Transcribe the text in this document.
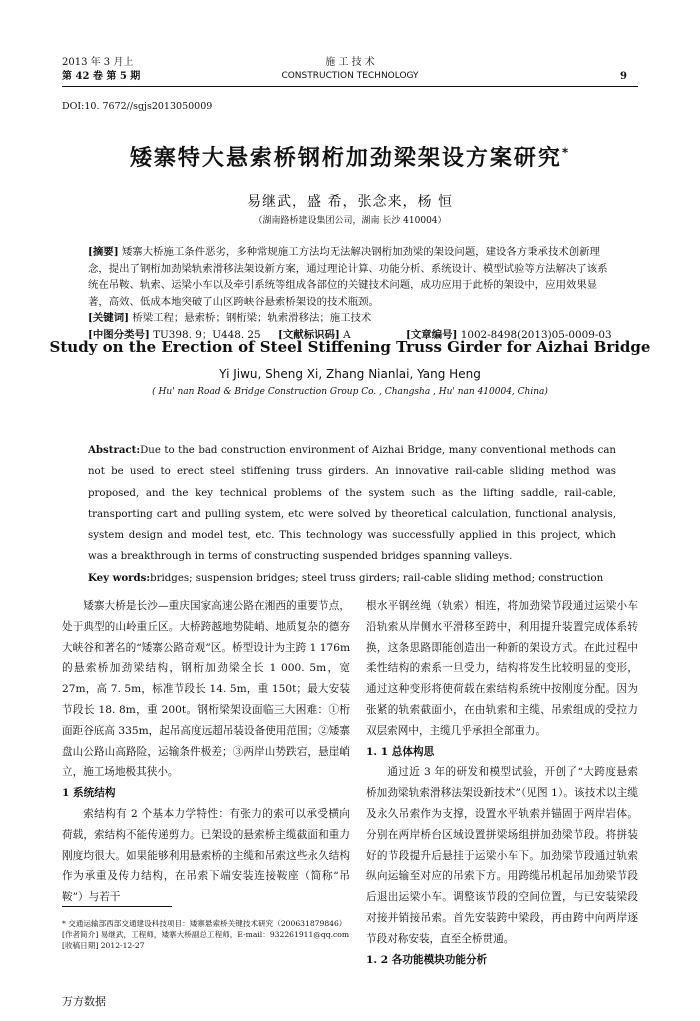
2013 年 3 月上
第 42 卷 第 5 期
施 工 技 术
CONSTRUCTION TECHNOLOGY	9
DOI:10. 7672//sgjs2013050009
矮寨特大悬索桥钢桁加劲梁架设方案研究*
易继武，盛 希，张念来，杨 恒
（湖南路桥建设集团公司，湖南 长沙 410004）

[摘要] 矮寨大桥施工条件恶劣，多种常规施工方法均无法解决钢桁加劲梁的架设问题，建设各方秉承技术创新理念，提出了钢桁加劲梁轨索滑移法架设新方案，通过理论计算、功能分析、系统设计、模型试验等方法解决了该系统在吊鞍、轨索、运梁小车以及牵引系统等组成各部位的关键技术问题，成功应用于此桥的架设中，应用效果显著，高效、低成本地突破了山区跨峡谷悬索桥架设的技术瓶颈。

[关键词] 桥梁工程；悬索桥；钢桁梁；轨索滑移法；施工技术

[中图分类号] TU398. 9；U448. 25 [文献标识码] A	[文章编号] 1002-8498(2013)05-0009-03

Study on the Erection of Steel Stiffening Truss Girder for Aizhai Bridge
Yi Jiwu, Sheng Xi, Zhang Nianlai, Yang Heng
( Hu' nan Road & Bridge Construction Group Co. , Changsha , Hu' nan 410004, China)
Abstract:Due to the bad construction environment of Aizhai Bridge, many conventional methods can not be used to erect steel stiffening truss girders. An innovative rail-cable sliding method was proposed, and the key technical problems of the system such as the lifting saddle, rail-cable, transporting cart and pulling system, etc were solved by theoretical calculation, functional analysis, system design and model test, etc. This technology was successfully applied in this project, which was a breakthrough in terms of constructing suspended bridges spanning valleys.
Key words:bridges; suspension bridges; steel truss girders; rail-cable sliding method; construction

矮寨大桥是长沙—重庆国家高速公路在湘西的重要节点，处于典型的山岭重丘区。大桥跨越地势陡峭、地质复杂的德夯大峡谷和著名的“矮寨公路奇观”区。桥型设计为主跨 1 176m 的悬索桥加劲梁结构，钢桁加劲梁全长 1 000. 5m，宽 27m，高 7. 5m，标准节段长 14. 5m，重 150t；最大安装节段长 18. 8m，重 200t。钢桁梁架设面临三大困难：①桁面距谷底高 335m，起吊高度远超吊装设备使用范围；②矮寨盘山公路山高路险，运输条件极差；③两岸山势跌宕，悬崖峭立，施工场地极其狭小。

1 系统结构

索结构有 2 个基本力学特性：有张力的索可以承受横向荷载，索结构不能传递剪力。已架设的悬索桥主缆截面和重力刚度均很大。如果能够利用悬索桥的主缆和吊索这些永久结构作为承重及传力结构，在吊索下端安装连接鞍座（简称“吊鞍”）与若干

根水平钢丝绳（轨索）相连，将加劲梁节段通过运梁小车沿轨索从岸侧水平滑移至跨中，利用提升装置完成体系转换，这条思路即能创造出一种新的架设方式。在此过程中柔性结构的索系一旦受力，结构将发生比较明显的变形，通过这种变形将使荷载在索结构系统中按刚度分配。因为张紧的轨索截面小，在由轨索和主缆、吊索组成的受拉力双层索网中，主缆几乎承担全部重力。

1. 1 总体构思

通过近 3 年的研发和模型试验，开创了“大跨度悬索桥加劲梁轨索滑移法架设新技术”（见图 1）。该技术以主缆及永久吊索作为支撑，设置水平轨索并锚固于两岸岩体。分别在两岸桥台区域设置拼梁场组拼加劲梁节段。将拼装好的节段提升后悬挂于运梁小车下。加劲梁节段通过轨索纵向运输至对应的吊索下方。用跨缆吊机起吊加劲梁节段后退出运梁小车。调整该节段的空间位置，与已安装梁段对接并销接吊索。首先安装跨中梁段，再由跨中向两岸逐节段对称安装，直至全桥贯通。

1. 2 各功能模块功能分析

* 交通运输部西部交通建设科技项目：矮寨悬索桥关键技术研究（200631879846）

[作者简介] 易继武，工程师，矮寨大桥副总工程师，E-mail：932261911@qq.com

[收稿日期] 2012-12-27

万方数据
